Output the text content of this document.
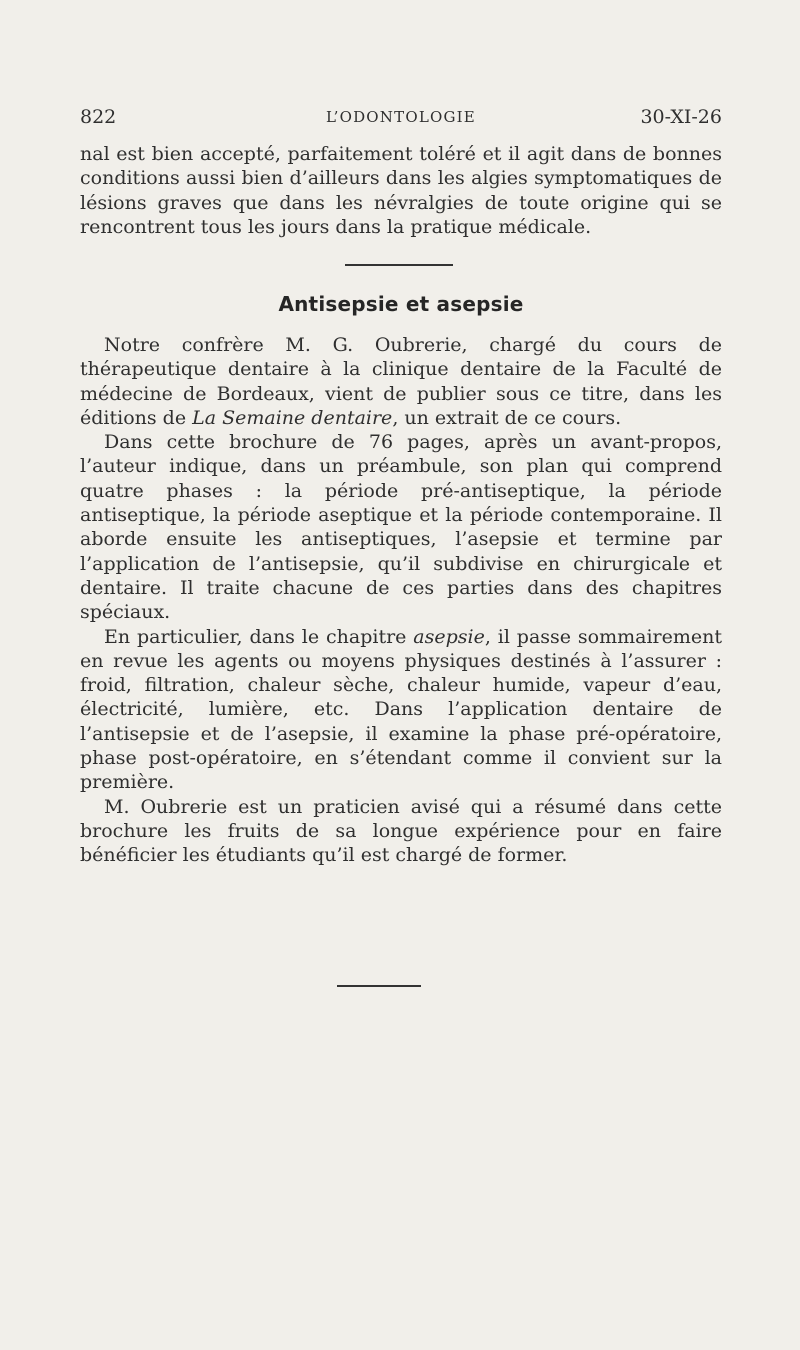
822	L’ODONTOLOGIE	30-XI-26

nal est bien accepté, parfaitement toléré et il agit dans de bonnes conditions aussi bien d’ailleurs dans les algies symptomatiques de lésions graves que dans les névralgies de toute origine qui se rencontrent tous les jours dans la pratique médicale.

Antisepsie et asepsie

Notre confrère M. G. Oubrerie, chargé du cours de thérapeutique dentaire à la clinique dentaire de la Faculté de médecine de Bordeaux, vient de publier sous ce titre, dans les éditions de La Semaine dentaire, un extrait de ce cours.

Dans cette brochure de 76 pages, après un avant-propos, l’auteur indique, dans un préambule, son plan qui comprend quatre phases : la période pré-antiseptique, la période antiseptique, la période aseptique et la période contemporaine. Il aborde ensuite les antiseptiques, l’asepsie et termine par l’application de l’antisepsie, qu’il subdivise en chirurgicale et dentaire. Il traite chacune de ces parties dans des chapitres spéciaux.

En particulier, dans le chapitre asepsie, il passe sommairement en revue les agents ou moyens physiques destinés à l’assurer : froid, filtration, chaleur sèche, chaleur humide, vapeur d’eau, électricité, lumière, etc. Dans l’application dentaire de l’antisepsie et de l’asepsie, il examine la phase pré-opératoire, phase post-opératoire, en s’étendant comme il convient sur la première.

M. Oubrerie est un praticien avisé qui a résumé dans cette brochure les fruits de sa longue expérience pour en faire bénéficier les étudiants qu’il est chargé de former.
